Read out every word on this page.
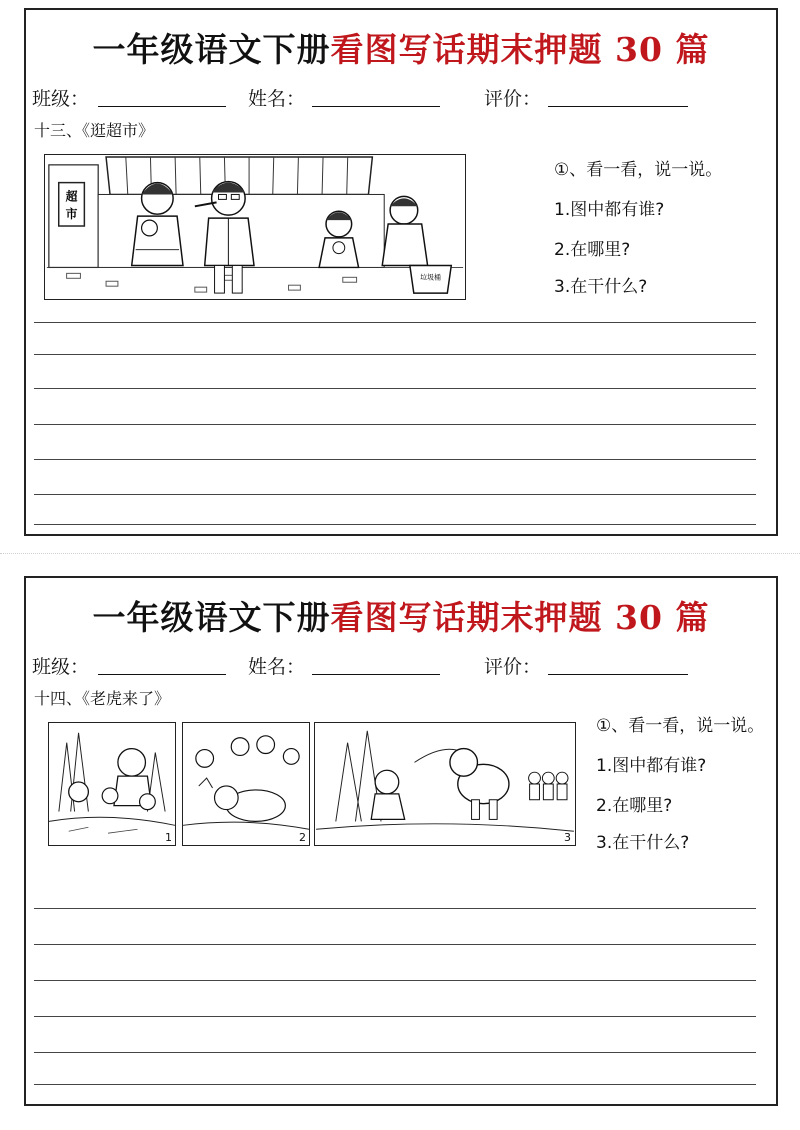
一年级语文下册看图写话期末押题 30 篇
班级：	姓名：	评价：
十三、《逛超市》
超
市
垃圾桶
①、看一看，说一说。
1.图中都有谁?
2.在哪里?
3.在干什么?
一年级语文下册看图写话期末押题 30 篇
班级：	姓名：	评价：
十四、《老虎来了》
1	2	3
①、看一看，说一说。
1.图中都有谁?
2.在哪里?
3.在干什么?
